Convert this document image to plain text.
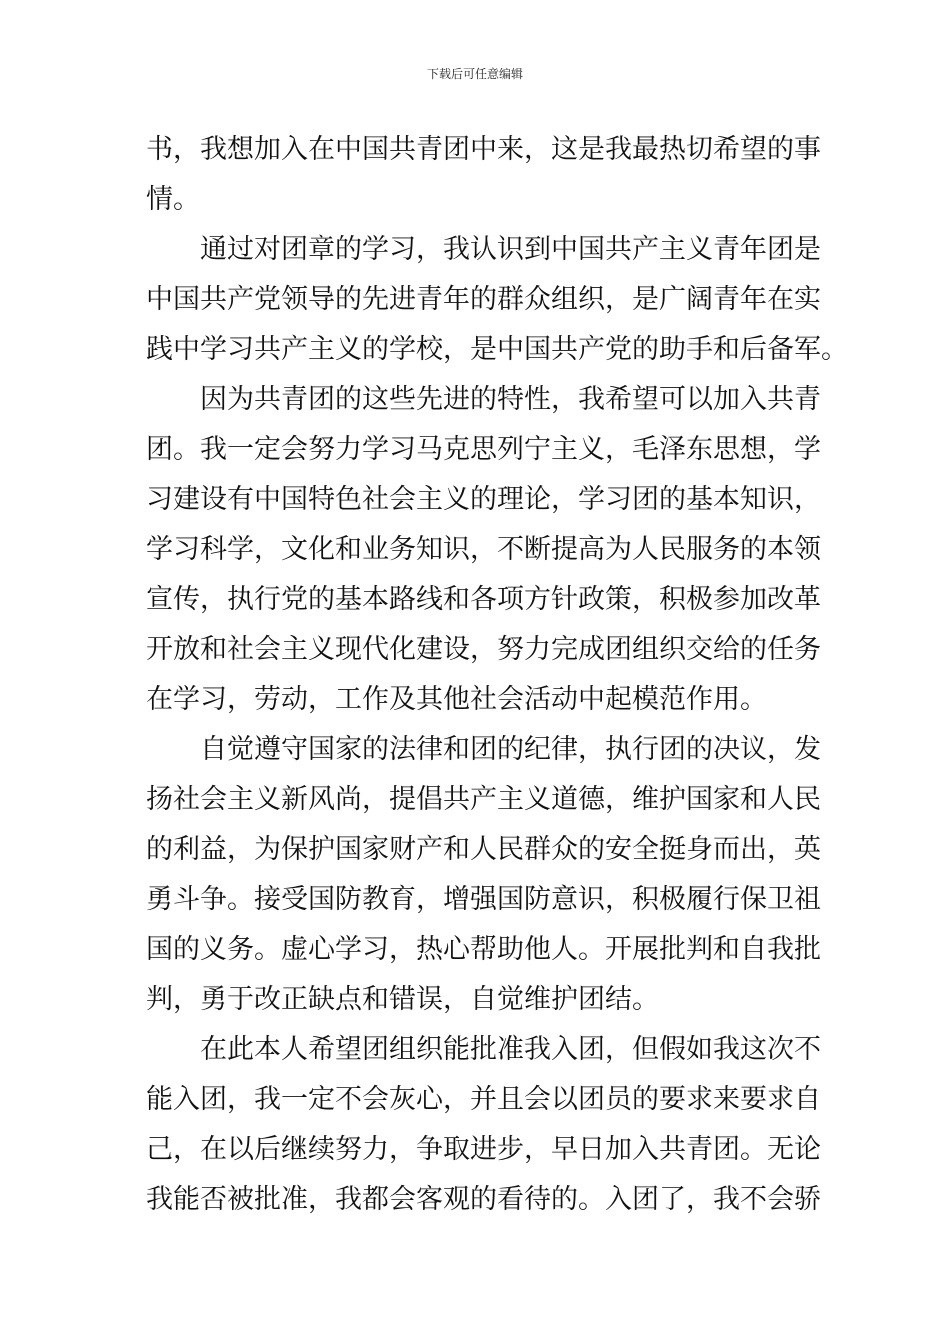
下载后可任意编辑
书，我想加入在中国共青团中来，这是我最热切希望的事
情。
通过对团章的学习，我认识到中国共产主义青年团是
中国共产党领导的先进青年的群众组织，是广阔青年在实
践中学习共产主义的学校，是中国共产党的助手和后备军。
因为共青团的这些先进的特性，我希望可以加入共青
团。我一定会努力学习马克思列宁主义，毛泽东思想，学
习建设有中国特色社会主义的理论，学习团的基本知识，
学习科学，文化和业务知识，不断提高为人民服务的本领
宣传，执行党的基本路线和各项方针政策，积极参加改革
开放和社会主义现代化建设，努力完成团组织交给的任务
在学习，劳动，工作及其他社会活动中起模范作用。
自觉遵守国家的法律和团的纪律，执行团的决议，发
扬社会主义新风尚，提倡共产主义道德，维护国家和人民
的利益，为保护国家财产和人民群众的安全挺身而出，英
勇斗争。接受国防教育，增强国防意识，积极履行保卫祖
国的义务。虚心学习，热心帮助他人。开展批判和自我批
判，勇于改正缺点和错误，自觉维护团结。
在此本人希望团组织能批准我入团，但假如我这次不
能入团，我一定不会灰心，并且会以团员的要求来要求自
己，在以后继续努力，争取进步，早日加入共青团。无论
我能否被批准，我都会客观的看待的。入团了，我不会骄
